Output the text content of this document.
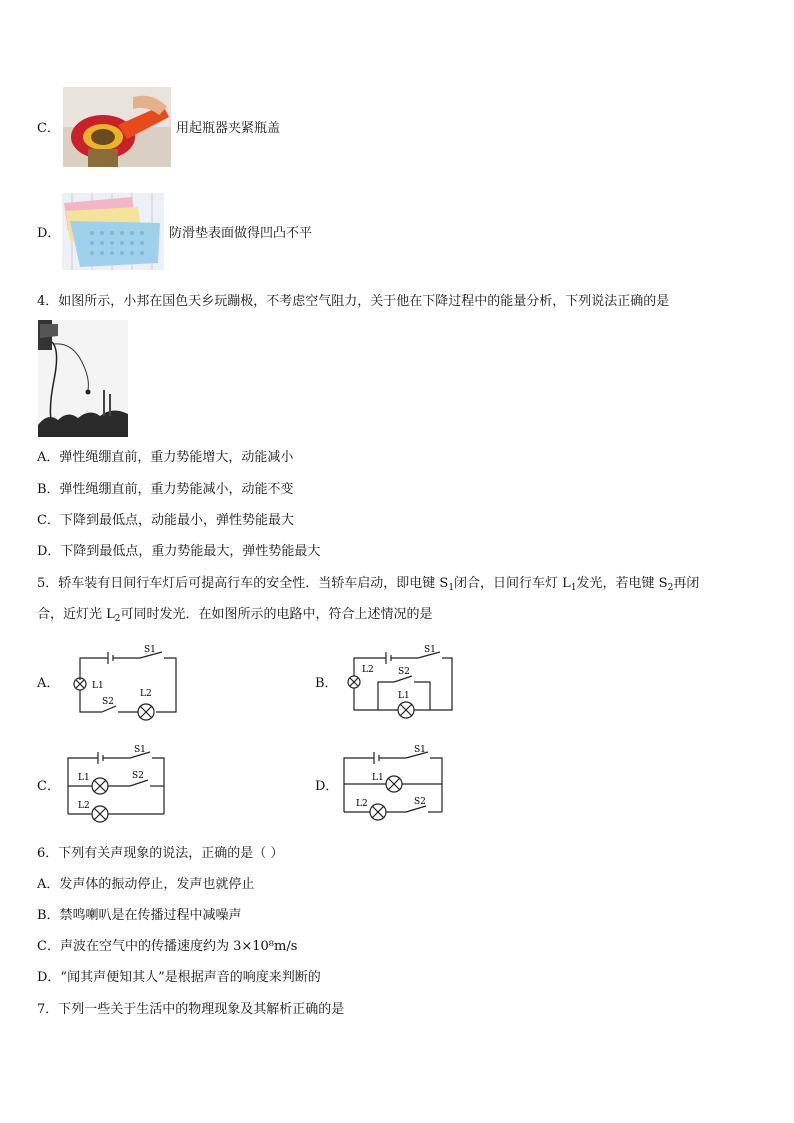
C．	用起瓶器夹紧瓶盖
D．	防滑垫表面做得凹凸不平
4．如图所示，小邦在国色天乡玩蹦极，不考虑空气阻力，关于他在下降过程中的能量分析，下列说法正确的是
A．弹性绳绷直前，重力势能增大，动能减小
B．弹性绳绷直前，重力势能减小，动能不变
C．下降到最低点，动能最小，弹性势能最大
D．下降到最低点，重力势能最大，弹性势能最大
5．轿车装有日间行车灯后可提高行车的安全性．当轿车启动，即电键 $S_1$闭合，日间行车灯 $L_1$发光，若电键 $S_2$再闭
合，近灯光 $L_2$可同时发光．在如图所示的电路中，符合上述情况的是
A．
S1
L1
S2
L2
B．
S1
L2	S2
L1
C．
S1
L1	S2
L2
D．
S1
L1
L2	S2
6．下列有关声现象的说法，正确的是（ ）
A．发声体的振动停止，发声也就停止
B．禁鸣喇叭是在传播过程中减噪声
C．声波在空气中的传播速度约为 3×10⁸m/s
D．“闻其声便知其人”是根据声音的响度来判断的
7．下列一些关于生活中的物理现象及其解析正确的是
